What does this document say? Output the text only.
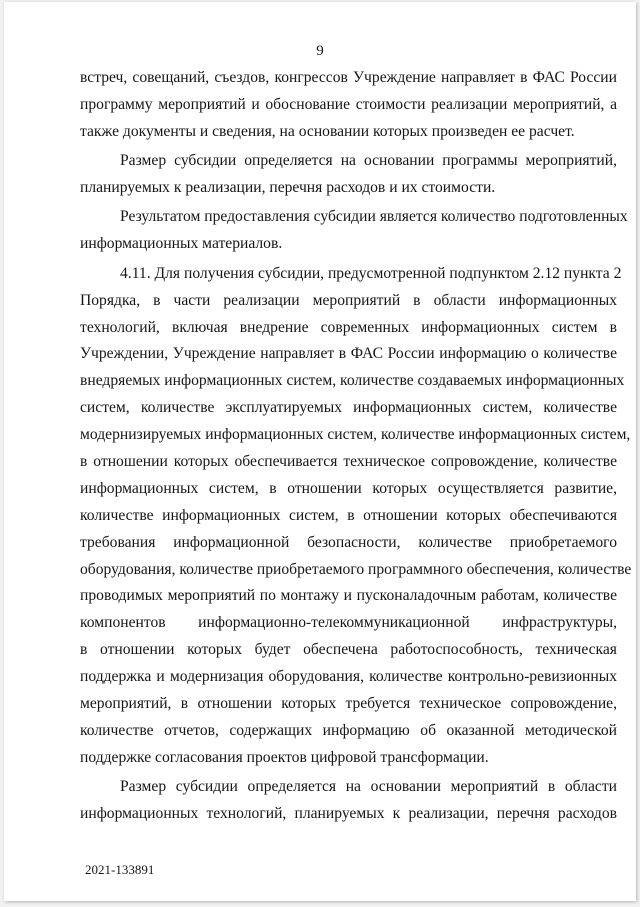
9
встреч, совещаний, съездов, конгрессов Учреждение направляет в ФАС России
программу мероприятий и обоснование стоимости реализации мероприятий, а
также документы и сведения, на основании которых произведен ее расчет.
Размер субсидии определяется на основании программы мероприятий,
планируемых к реализации, перечня расходов и их стоимости.
Результатом предоставления субсидии является количество подготовленных
информационных материалов.
4.11. Для получения субсидии, предусмотренной подпунктом 2.12 пункта 2
Порядка, в части реализации мероприятий в области информационных
технологий, включая внедрение современных информационных систем в
Учреждении, Учреждение направляет в ФАС России информацию о количестве
внедряемых информационных систем, количестве создаваемых информационных
систем, количестве эксплуатируемых информационных систем, количестве
модернизируемых информационных систем, количестве информационных систем,
в отношении которых обеспечивается техническое сопровождение, количестве
информационных систем, в отношении которых осуществляется развитие,
количестве информационных систем, в отношении которых обеспечиваются
требования информационной безопасности, количестве приобретаемого
оборудования, количестве приобретаемого программного обеспечения, количестве
проводимых мероприятий по монтажу и пусконаладочным работам, количестве
компонентов информационно-телекоммуникационной инфраструктуры,
в отношении которых будет обеспечена работоспособность, техническая
поддержка и модернизация оборудования, количестве контрольно-ревизионных
мероприятий, в отношении которых требуется техническое сопровождение,
количестве отчетов, содержащих информацию об оказанной методической
поддержке согласования проектов цифровой трансформации.
Размер субсидии определяется на основании мероприятий в области
информационных технологий, планируемых к реализации, перечня расходов
2021-133891
